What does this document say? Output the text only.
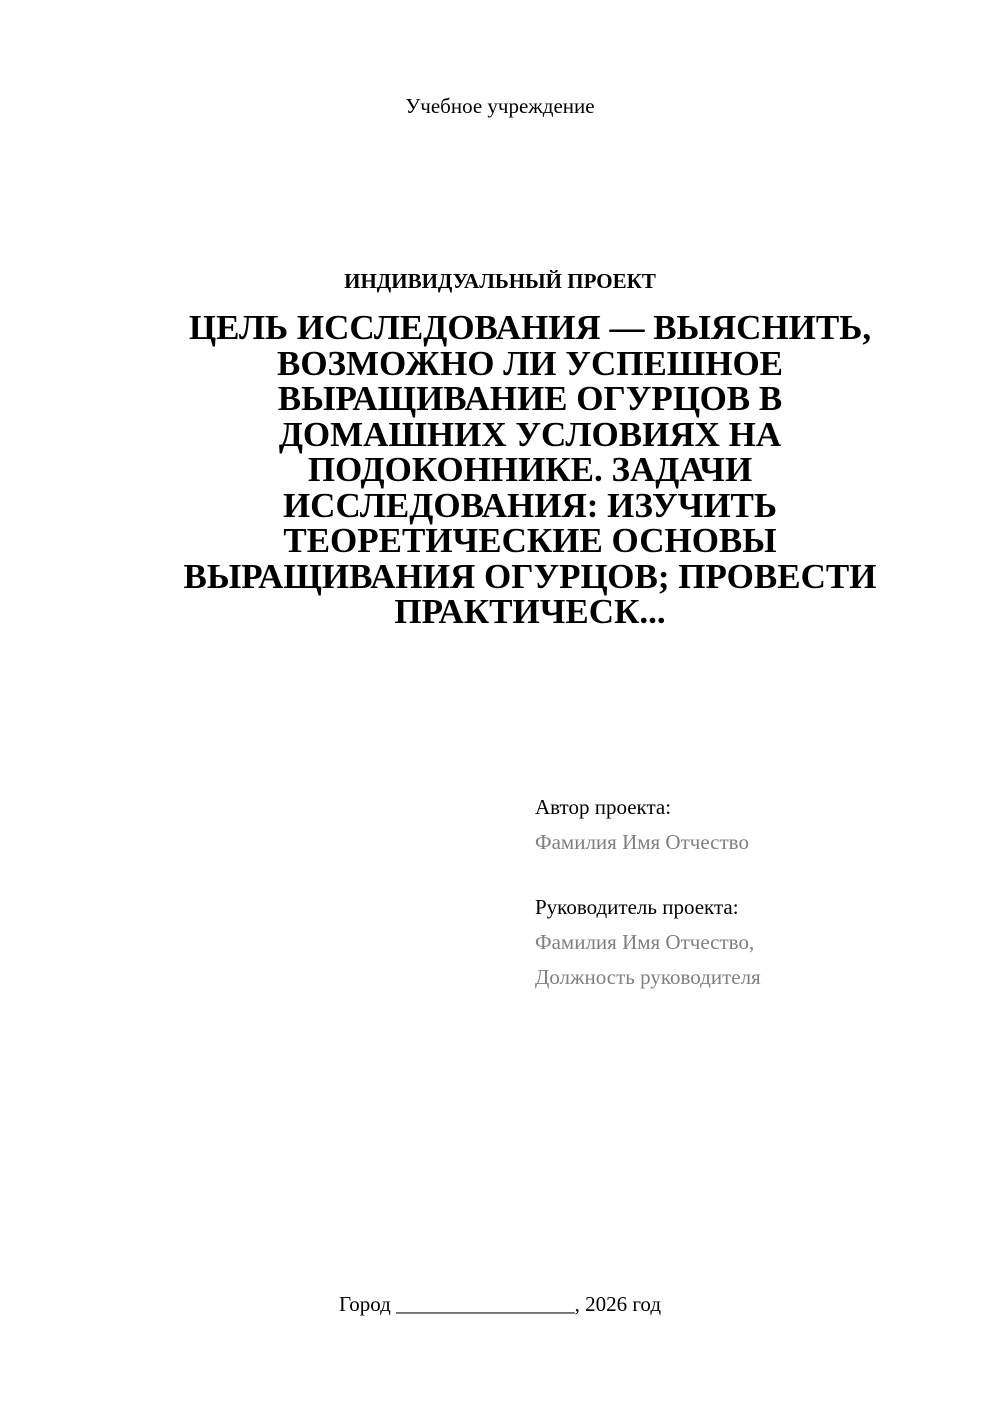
Учебное учреждение
ИНДИВИДУАЛЬНЫЙ ПРОЕКТ
ЦЕЛЬ ИССЛЕДОВАНИЯ — ВЫЯСНИТЬ,
ВОЗМОЖНО ЛИ УСПЕШНОЕ
ВЫРАЩИВАНИЕ ОГУРЦОВ В
ДОМАШНИХ УСЛОВИЯХ НА
ПОДОКОННИКЕ. ЗАДАЧИ
ИССЛЕДОВАНИЯ: ИЗУЧИТЬ
ТЕОРЕТИЧЕСКИЕ ОСНОВЫ
ВЫРАЩИВАНИЯ ОГУРЦОВ; ПРОВЕСТИ
ПРАКТИЧЕСК...
Автор проекта:
Фамилия Имя Отчество
Руководитель проекта:
Фамилия Имя Отчество,
Должность руководителя
Город _________________, 2026 год
